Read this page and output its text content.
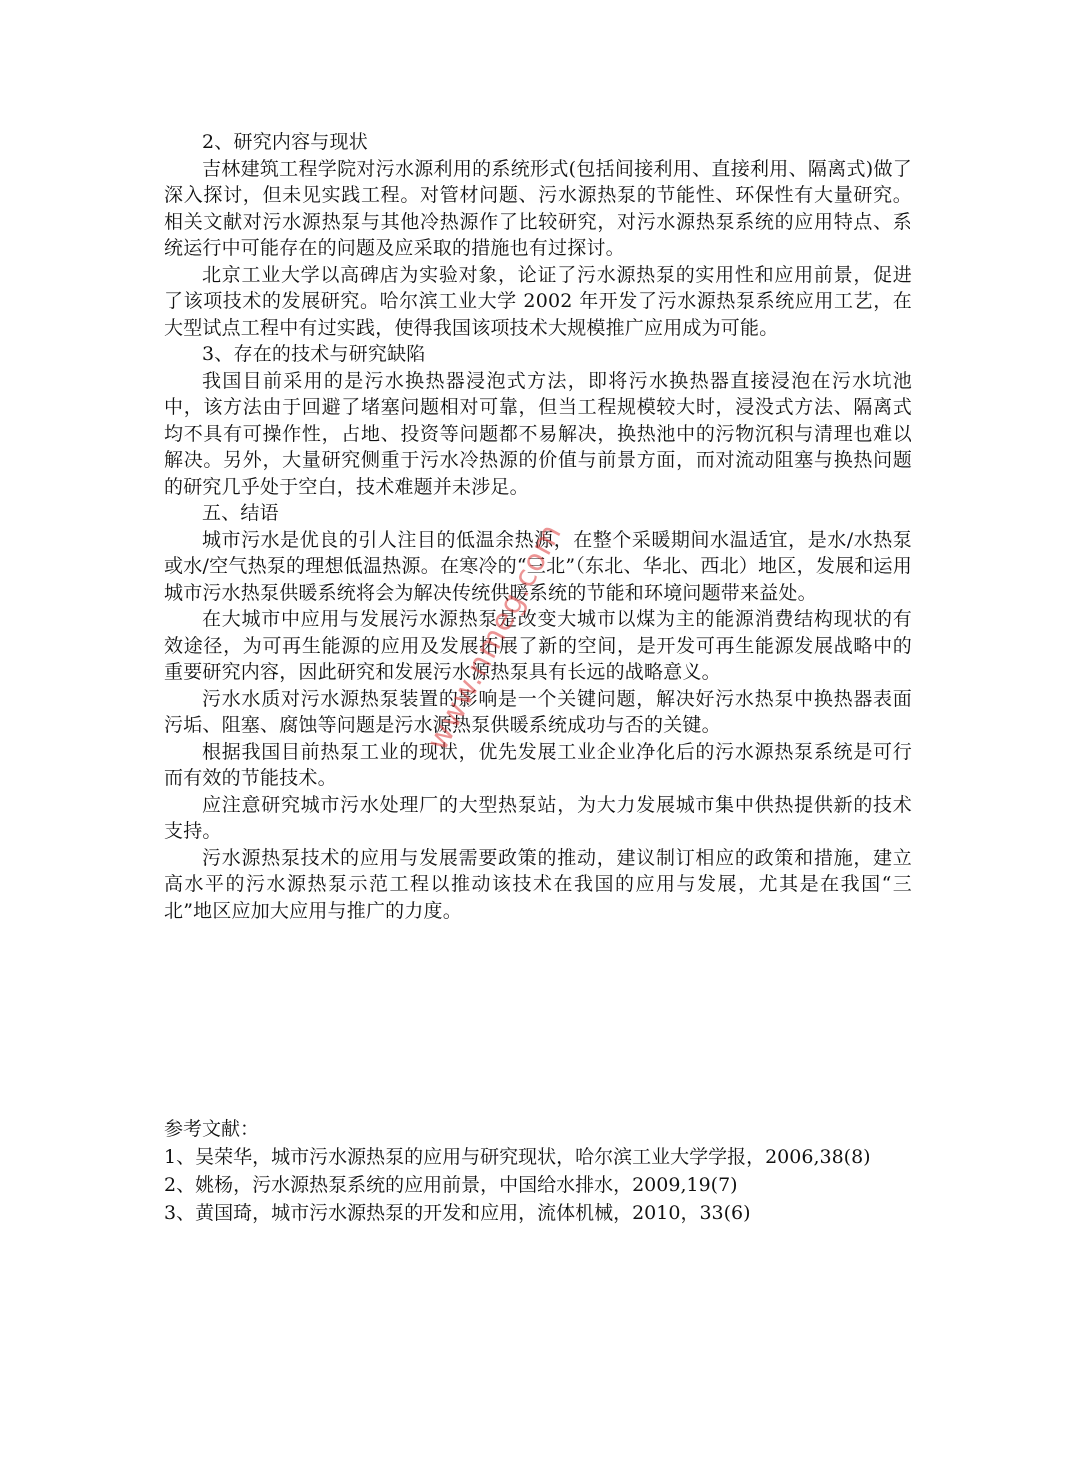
2、研究内容与现状

吉林建筑工程学院对污水源利用的系统形式(包括间接利用、直接利用、隔离式)做了深入探讨，但未见实践工程。对管材问题、污水源热泵的节能性、环保性有大量研究。相关文献对污水源热泵与其他冷热源作了比较研究，对污水源热泵系统的应用特点、系统运行中可能存在的问题及应采取的措施也有过探讨。

北京工业大学以高碑店为实验对象，论证了污水源热泵的实用性和应用前景，促进了该项技术的发展研究。哈尔滨工业大学 2002 年开发了污水源热泵系统应用工艺，在大型试点工程中有过实践，使得我国该项技术大规模推广应用成为可能。

3、存在的技术与研究缺陷

我国目前采用的是污水换热器浸泡式方法，即将污水换热器直接浸泡在污水坑池中，该方法由于回避了堵塞问题相对可靠，但当工程规模较大时，浸没式方法、隔离式均不具有可操作性，占地、投资等问题都不易解决，换热池中的污物沉积与清理也难以解决。另外，大量研究侧重于污水冷热源的价值与前景方面，而对流动阻塞与换热问题的研究几乎处于空白，技术难题并未涉足。

五、结语

城市污水是优良的引人注目的低温余热源，在整个采暖期间水温适宜，是水/水热泵或水/空气热泵的理想低温热源。在寒冷的“三北”（东北、华北、西北）地区，发展和运用城市污水热泵供暖系统将会为解决传统供暖系统的节能和环境问题带来益处。

在大城市中应用与发展污水源热泵是改变大城市以煤为主的能源消费结构现状的有效途径，为可再生能源的应用及发展拓展了新的空间，是开发可再生能源发展战略中的重要研究内容，因此研究和发展污水源热泵具有长远的战略意义。

污水水质对污水源热泵装置的影响是一个关键问题，解决好污水热泵中换热器表面污垢、阻塞、腐蚀等问题是污水源热泵供暖系统成功与否的关键。

根据我国目前热泵工业的现状，优先发展工业企业净化后的污水源热泵系统是可行而有效的节能技术。

应注意研究城市污水处理厂的大型热泵站，为大力发展城市集中供热提供新的技术支持。

污水源热泵技术的应用与发展需要政策的推动，建议制订相应的政策和措施，建立高水平的污水源热泵示范工程以推动该技术在我国的应用与发展，尤其是在我国“三北”地区应加大应用与推广的力度。

参考文献：

1、吴荣华，城市污水源热泵的应用与研究现状，哈尔滨工业大学学报，2006,38(8)

2、姚杨，污水源热泵系统的应用前景，中国给水排水，2009,19(7)

3、黄国琦，城市污水源热泵的开发和应用，流体机械，2010，33(6)

www.nmeg.com
